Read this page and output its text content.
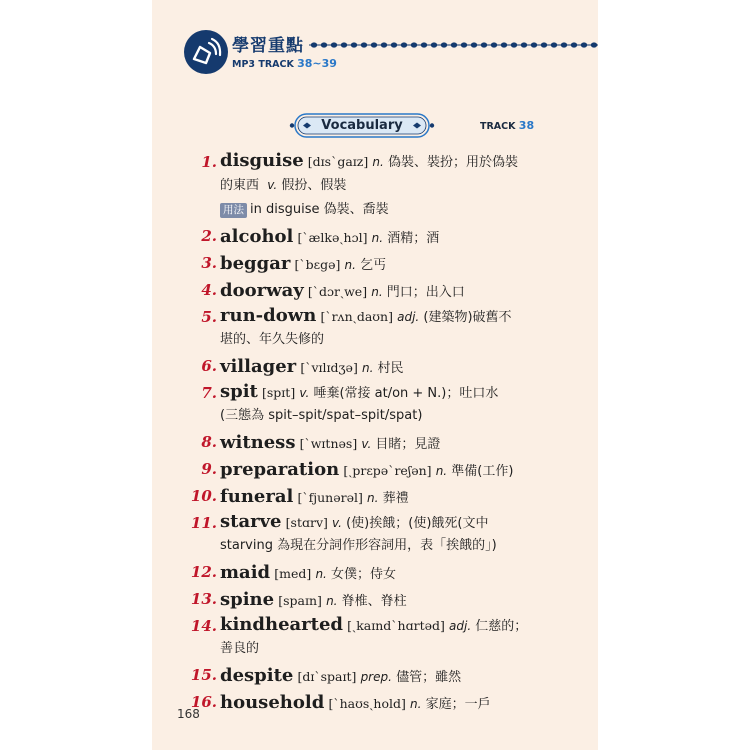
學習重點
MP3 TRACK 38~39
Vocabulary	TRACK 38
1. disguise [dɪsˋgaɪz] n. 偽裝、裝扮；用於偽裝
的東西 v. 假扮、假裝
用法 in disguise 偽裝、喬裝
2. alcohol [ˋælkəˏhɔl] n. 酒精；酒
3. beggar [ˋbɛgə] n. 乞丐
4. doorway [ˋdɔrˏwe] n. 門口；出入口
5. run-down [ˋrʌnˏdaʊn] adj. (建築物)破舊不
堪的、年久失修的
6. villager [ˋvɪlɪdʒə] n. 村民
7. spit [spɪt] v. 唾棄(常接 at/on + N.)；吐口水
(三態為 spit–spit/spat–spit/spat)
8. witness [ˋwɪtnəs] v. 目睹；見證
9. preparation [ˏprɛpəˋreʃən] n. 準備(工作)
10. funeral [ˋfjunərəl] n. 葬禮
11. starve [stɑrv] v. (使)挨餓；(使)餓死(文中
starving 為現在分詞作形容詞用，表「挨餓的」)
12. maid [med] n. 女僕；侍女
13. spine [spaɪn] n. 脊椎、脊柱
14. kindhearted [ˏkaɪndˋhɑrtəd] adj. 仁慈的；
善良的
15. despite [dɪˋspaɪt] prep. 儘管；雖然
16. household [ˋhaʊsˏhold] n. 家庭；一戶
168
